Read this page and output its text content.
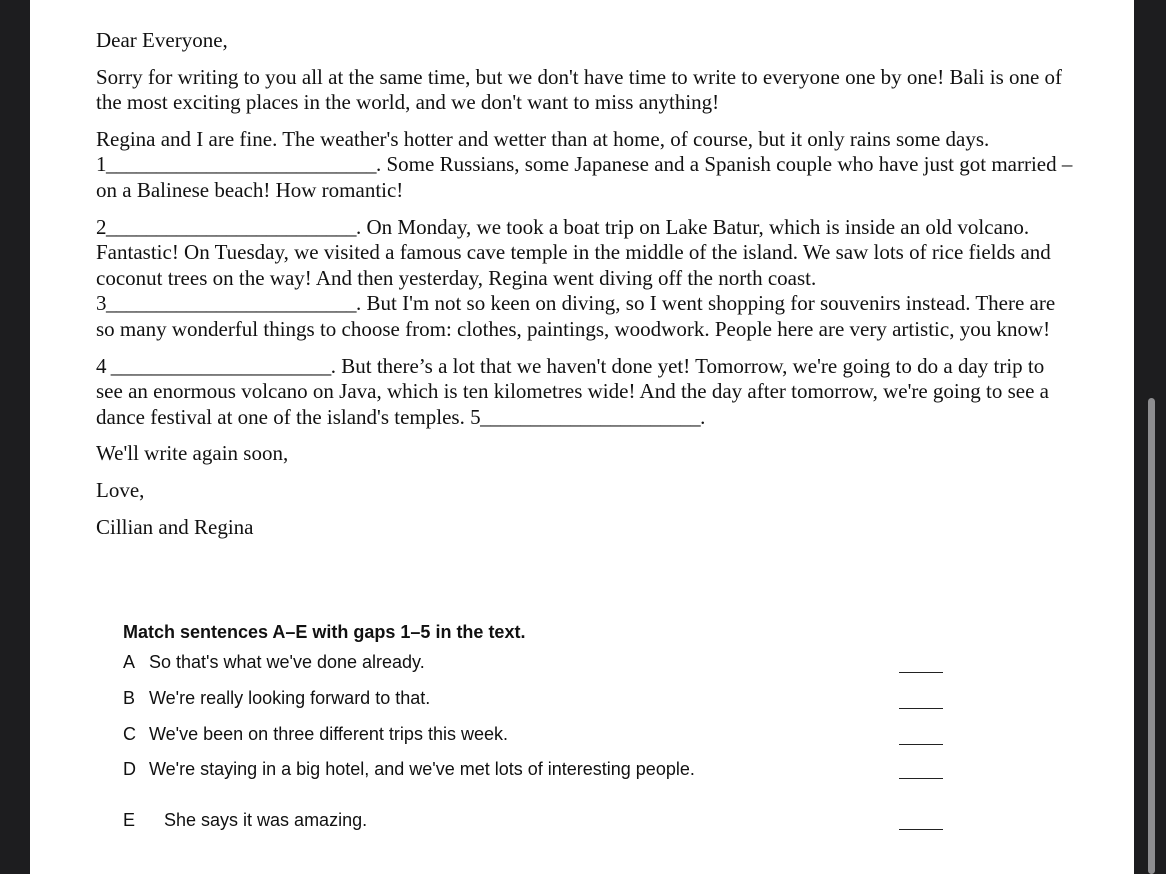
Dear Everyone,

Sorry for writing to you all at the same time, but we don't have time to write to everyone one by one! Bali is one of the most exciting places in the world, and we don't want to miss anything!

Regina and I are fine. The weather's hotter and wetter than at home, of course, but it only rains some days.
1___________________________. Some Russians, some Japanese and a Spanish couple who have just got married – on a Balinese beach! How romantic!

2_________________________. On Monday, we took a boat trip on Lake Batur, which is inside an old volcano. Fantastic! On Tuesday, we visited a famous cave temple in the middle of the island. We saw lots of rice fields and coconut trees on the way! And then yesterday, Regina went diving off the north coast.
3_________________________. But I'm not so keen on diving, so I went shopping for souvenirs instead. There are so many wonderful things to choose from: clothes, paintings, woodwork. People here are very artistic, you know!

4 ______________________. But there’s a lot that we haven't done yet! Tomorrow, we're going to do a day trip to see an enormous volcano on Java, which is ten kilometres wide! And the day after tomorrow, we're going to see a dance festival at one of the island's temples. 5______________________.

We'll write again soon,

Love,

Cillian and Regina

Match sentences A–E with gaps 1–5 in the text.
A So that's what we've done already.
B We're really looking forward to that.
C We've been on three different trips this week.
D We're staying in a big hotel, and we've met lots of interesting people.
E She says it was amazing.
